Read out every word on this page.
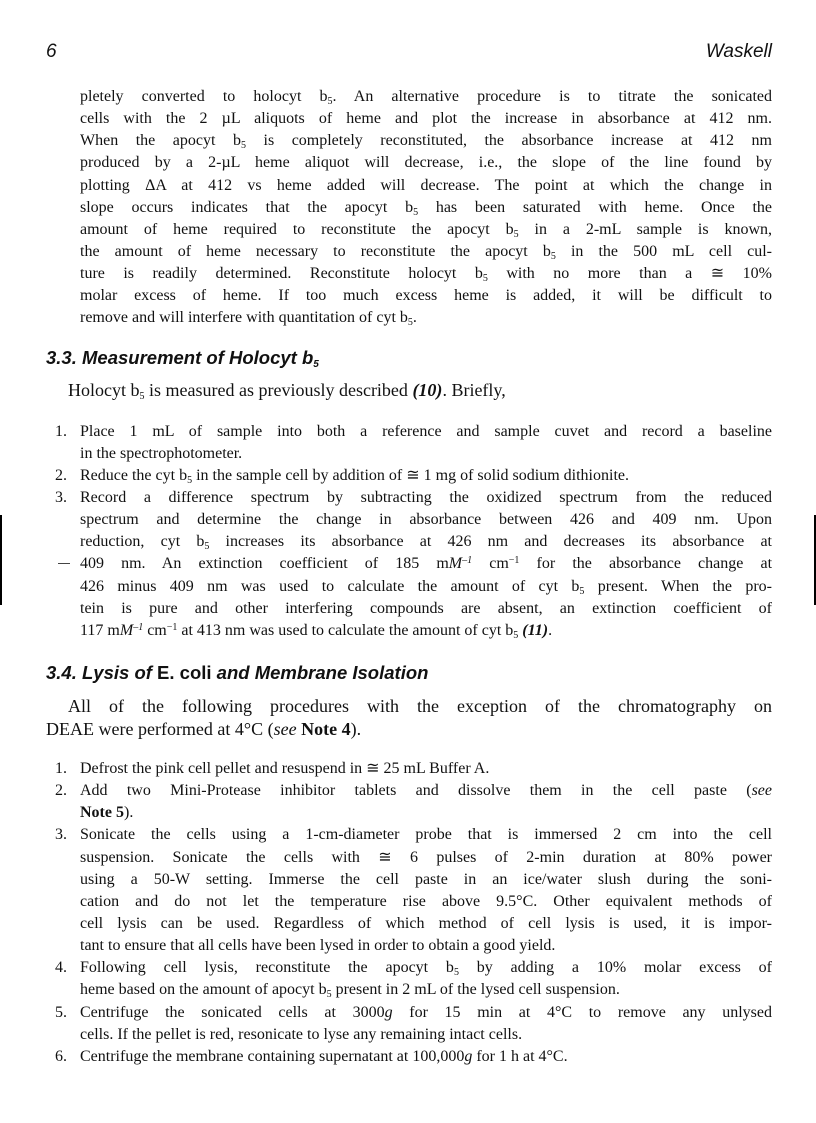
6	Waskell
pletely converted to holocyt $b_5$. An alternative procedure is to titrate the sonicated
cells with the 2 µL aliquots of heme and plot the increase in absorbance at 412 nm.
When the apocyt $b_5$ is completely reconstituted, the absorbance increase at 412 nm
produced by a 2-µL heme aliquot will decrease, i.e., the slope of the line found by
plotting ΔA at 412 vs heme added will decrease. The point at which the change in
slope occurs indicates that the apocyt $b_5$ has been saturated with heme. Once the
amount of heme required to reconstitute the apocyt $b_5$ in a 2-mL sample is known,
the amount of heme necessary to reconstitute the apocyt $b_5$ in the 500 mL cell cul-
ture is readily determined. Reconstitute holocyt $b_5$ with no more than a ≅ 10%
molar excess of heme. If too much excess heme is added, it will be difficult to
remove and will interfere with quantitation of cyt $b_5$.
3.3. Measurement of Holocyt $b_5$
Holocyt $b_5$ is measured as previously described (10). Briefly,
1. Place 1 mL of sample into both a reference and sample cuvet and record a baseline
in the spectrophotometer.
2. Reduce the cyt $b_5$ in the sample cell by addition of ≅ 1 mg of solid sodium dithionite.
3. Record a difference spectrum by subtracting the oxidized spectrum from the reduced
spectrum and determine the change in absorbance between 426 and 409 nm. Upon
reduction, cyt $b_5$ increases its absorbance at 426 nm and decreases its absorbance at
409 nm. An extinction coefficient of 185 $mM^{-1}$ $cm^{-1}$ for the absorbance change at
426 minus 409 nm was used to calculate the amount of cyt $b_5$ present. When the pro-
tein is pure and other interfering compounds are absent, an extinction coefficient of
117 $mM^{-1}$ $cm^{-1}$ at 413 nm was used to calculate the amount of cyt $b_5$ (11).
3.4. Lysis of E. coli and Membrane Isolation
All of the following procedures with the exception of the chromatography on
DEAE were performed at 4°C (see Note 4).
1. Defrost the pink cell pellet and resuspend in ≅ 25 mL Buffer A.
2. Add two Mini-Protease inhibitor tablets and dissolve them in the cell paste (see
Note 5).
3. Sonicate the cells using a 1-cm-diameter probe that is immersed 2 cm into the cell
suspension. Sonicate the cells with ≅ 6 pulses of 2-min duration at 80% power
using a 50-W setting. Immerse the cell paste in an ice/water slush during the soni-
cation and do not let the temperature rise above 9.5°C. Other equivalent methods of
cell lysis can be used. Regardless of which method of cell lysis is used, it is impor-
tant to ensure that all cells have been lysed in order to obtain a good yield.
4. Following cell lysis, reconstitute the apocyt $b_5$ by adding a 10% molar excess of
heme based on the amount of apocyt $b_5$ present in 2 mL of the lysed cell suspension.
5. Centrifuge the sonicated cells at 3000g for 15 min at 4°C to remove any unlysed
cells. If the pellet is red, resonicate to lyse any remaining intact cells.
6. Centrifuge the membrane containing supernatant at 100,000g for 1 h at 4°C.
